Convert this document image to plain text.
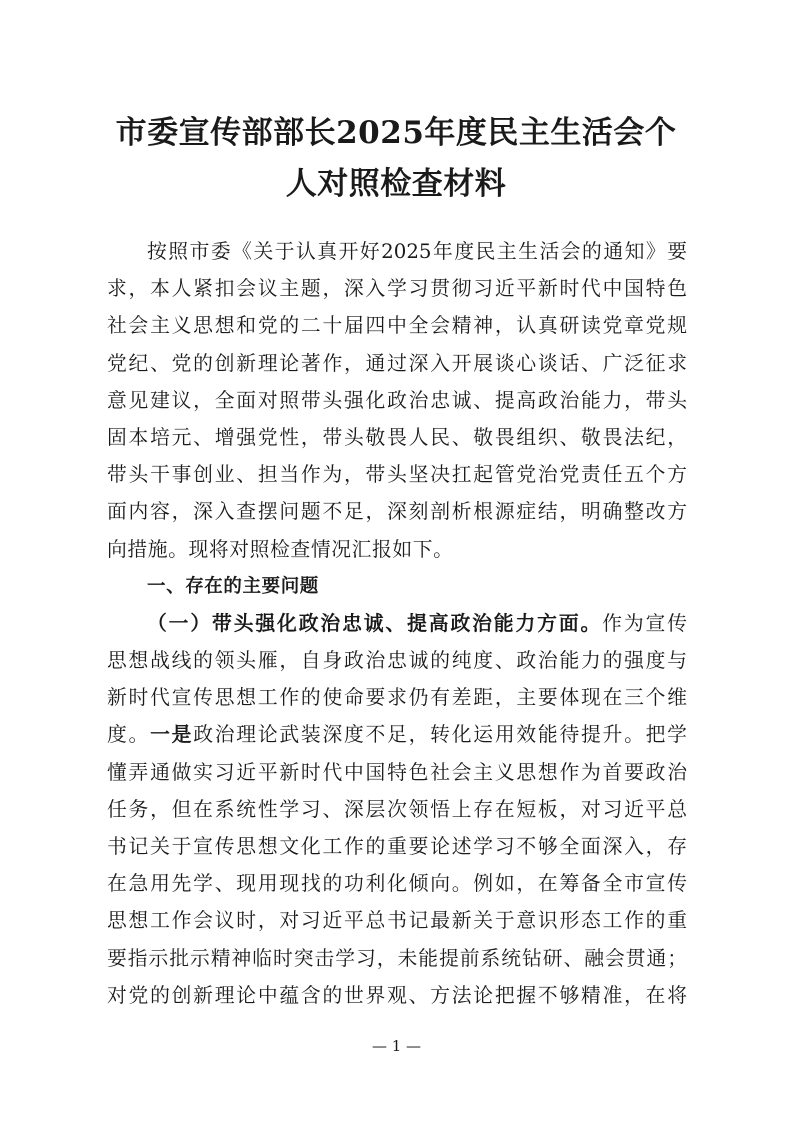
市委宣传部部长2025年度民主生活会个
人对照检查材料
按照市委《关于认真开好2025年度民主生活会的通知》要
求，本人紧扣会议主题，深入学习贯彻习近平新时代中国特色
社会主义思想和党的二十届四中全会精神，认真研读党章党规
党纪、党的创新理论著作，通过深入开展谈心谈话、广泛征求
意见建议，全面对照带头强化政治忠诚、提高政治能力，带头
固本培元、增强党性，带头敬畏人民、敬畏组织、敬畏法纪，
带头干事创业、担当作为，带头坚决扛起管党治党责任五个方
面内容，深入查摆问题不足，深刻剖析根源症结，明确整改方
向措施。现将对照检查情况汇报如下。
一、存在的主要问题
（一）带头强化政治忠诚、提高政治能力方面。作为宣传
思想战线的领头雁，自身政治忠诚的纯度、政治能力的强度与
新时代宣传思想工作的使命要求仍有差距，主要体现在三个维
度。一是政治理论武装深度不足，转化运用效能待提升。把学
懂弄通做实习近平新时代中国特色社会主义思想作为首要政治
任务，但在系统性学习、深层次领悟上存在短板，对习近平总
书记关于宣传思想文化工作的重要论述学习不够全面深入，存
在急用先学、现用现找的功利化倾向。例如，在筹备全市宣传
思想工作会议时，对习近平总书记最新关于意识形态工作的重
要指示批示精神临时突击学习，未能提前系统钻研、融会贯通；
对党的创新理论中蕴含的世界观、方法论把握不够精准，在将
— 1 —
